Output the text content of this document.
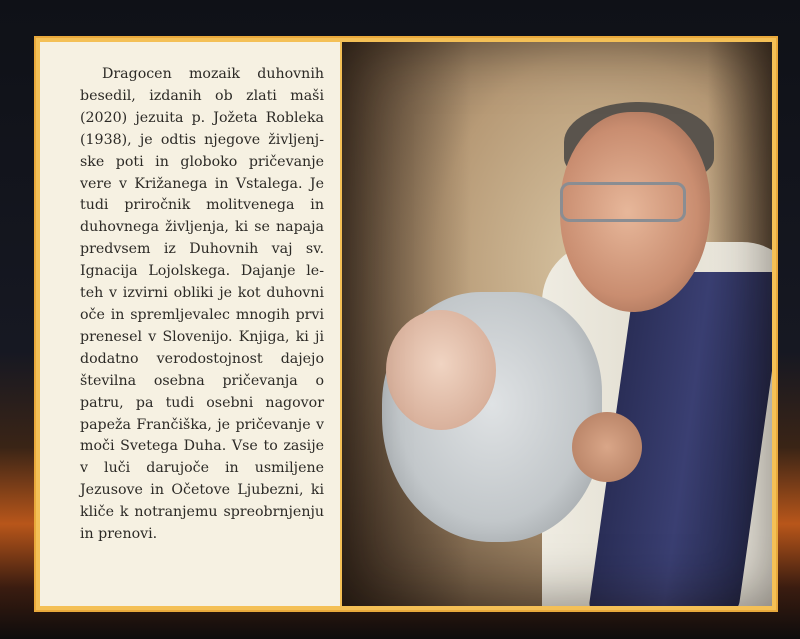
Dragocen mozaik duhovnih besedil, izdanih ob zlati maši (2020) jezuita p. Jožeta Robleka (1938), je odtis njegove življenjske poti in globoko pričevanje vere v Križanega in Vstalega. Je tudi priročnik molitvenega in duhovnega življenja, ki se napaja predvsem iz Duhovnih vaj sv. Ignacija Lojolskega. Dajanje le-teh v izvirni obliki je kot duhovni oče in spremljevalec mnogih prvi prenesel v Slovenijo. Knjiga, ki ji dodatno verodostojnost dajejo številna osebna pričevanja o patru, pa tudi osebni nagovor papeža Frančiška, je pričevanje v moči Svetega Duha. Vse to zasije v luči darujoče in usmiljene Jezusove in Očetove Ljubezni, ki kliče k notranjemu spreobrnjenju in prenovi.
